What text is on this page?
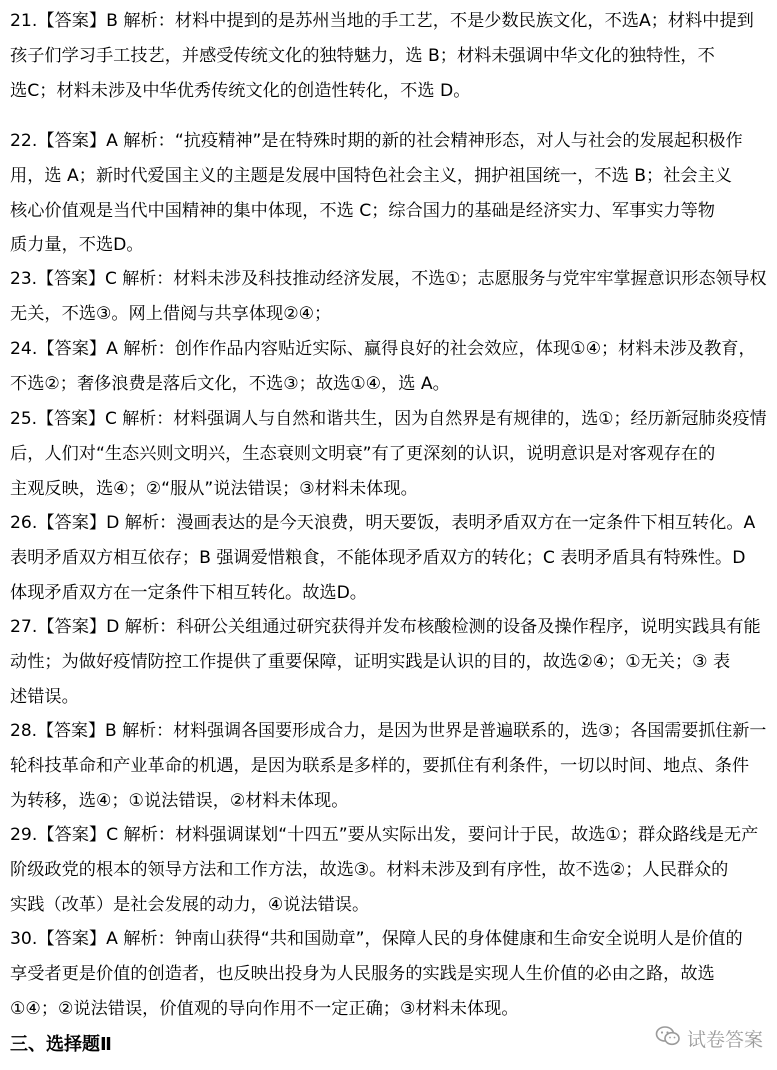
21.【答案】B 解析：材料中提到的是苏州当地的手工艺，不是少数民族文化，不选A；材料中提到
孩子们学习手工技艺，并感受传统文化的独特魅力，选 B；材料未强调中华文化的独特性，不
选C；材料未涉及中华优秀传统文化的创造性转化，不选 D。
22.【答案】A 解析：“抗疫精神”是在特殊时期的新的社会精神形态，对人与社会的发展起积极作
用，选 A；新时代爱国主义的主题是发展中国特色社会主义，拥护祖国统一，不选 B；社会主义
核心价值观是当代中国精神的集中体现，不选 C；综合国力的基础是经济实力、军事实力等物
质力量，不选D。
23.【答案】C 解析：材料未涉及科技推动经济发展，不选①；志愿服务与党牢牢掌握意识形态领导权
无关，不选③。网上借阅与共享体现②④；
24.【答案】A 解析：创作作品内容贴近实际、赢得良好的社会效应，体现①④；材料未涉及教育，
不选②；奢侈浪费是落后文化，不选③；故选①④，选 A。
25.【答案】C 解析：材料强调人与自然和谐共生，因为自然界是有规律的，选①；经历新冠肺炎疫情
后，人们对“生态兴则文明兴，生态衰则文明衰”有了更深刻的认识，说明意识是对客观存在的
主观反映，选④；②“服从”说法错误；③材料未体现。
26.【答案】D 解析：漫画表达的是今天浪费，明天要饭，表明矛盾双方在一定条件下相互转化。A
表明矛盾双方相互依存；B 强调爱惜粮食，不能体现矛盾双方的转化；C 表明矛盾具有特殊性。D
体现矛盾双方在一定条件下相互转化。故选D。
27.【答案】D 解析：科研公关组通过研究获得并发布核酸检测的设备及操作程序，说明实践具有能
动性；为做好疫情防控工作提供了重要保障，证明实践是认识的目的，故选②④；①无关；③ 表
述错误。
28.【答案】B 解析：材料强调各国要形成合力，是因为世界是普遍联系的，选③；各国需要抓住新一
轮科技革命和产业革命的机遇，是因为联系是多样的，要抓住有利条件，一切以时间、地点、条件
为转移，选④；①说法错误，②材料未体现。
29.【答案】C 解析：材料强调谋划“十四五”要从实际出发，要问计于民，故选①；群众路线是无产
阶级政党的根本的领导方法和工作方法，故选③。材料未涉及到有序性，故不选②；人民群众的
实践（改革）是社会发展的动力，④说法错误。
30.【答案】A 解析：钟南山获得“共和国勋章”，保障人民的身体健康和生命安全说明人是价值的
享受者更是价值的创造者，也反映出投身为人民服务的实践是实现人生价值的必由之路，故选
①④；②说法错误，价值观的导向作用不一定正确；③材料未体现。
三、选择题Ⅱ	试卷答案
